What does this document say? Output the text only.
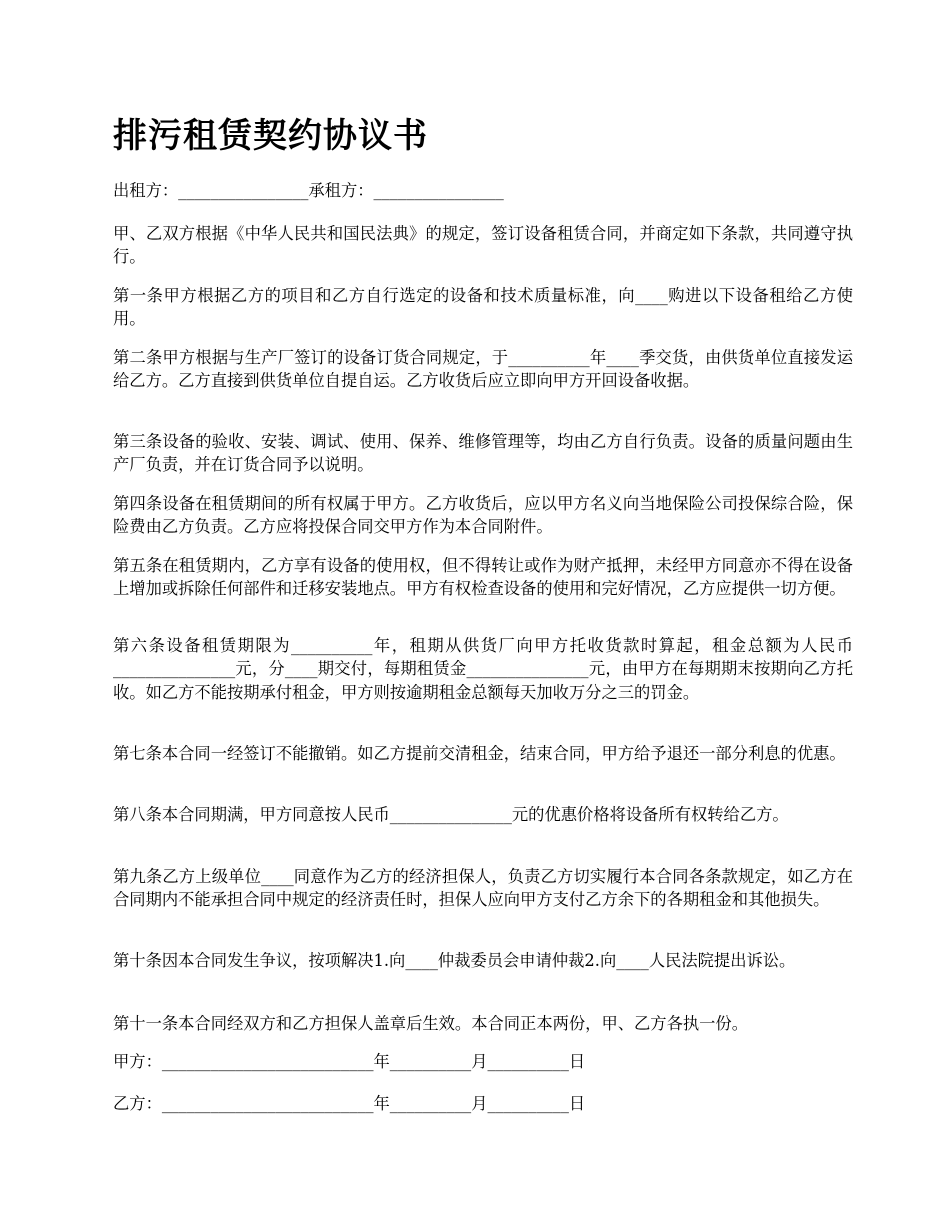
排污租赁契约协议书

出租方：________________承租方：________________

甲、乙双方根据《中华人民共和国民法典》的规定，签订设备租赁合同，并商定如下条款，共同遵守执行。

第一条甲方根据乙方的项目和乙方自行选定的设备和技术质量标准，向____购进以下设备租给乙方使用。

第二条甲方根据与生产厂签订的设备订货合同规定，于__________年____季交货，由供货单位直接发运给乙方。乙方直接到供货单位自提自运。乙方收货后应立即向甲方开回设备收据。

第三条设备的验收、安装、调试、使用、保养、维修管理等，均由乙方自行负责。设备的质量问题由生产厂负责，并在订货合同予以说明。

第四条设备在租赁期间的所有权属于甲方。乙方收货后，应以甲方名义向当地保险公司投保综合险，保险费由乙方负责。乙方应将投保合同交甲方作为本合同附件。

第五条在租赁期内，乙方享有设备的使用权，但不得转让或作为财产抵押，未经甲方同意亦不得在设备上增加或拆除任何部件和迁移安装地点。甲方有权检查设备的使用和完好情况，乙方应提供一切方便。

第六条设备租赁期限为__________年，租期从供货厂向甲方托收货款时算起，租金总额为人民币_______________元，分____期交付，每期租赁金_______________元，由甲方在每期期末按期向乙方托收。如乙方不能按期承付租金，甲方则按逾期租金总额每天加收万分之三的罚金。

第七条本合同一经签订不能撤销。如乙方提前交清租金，结束合同，甲方给予退还一部分利息的优惠。

第八条本合同期满，甲方同意按人民币_______________元的优惠价格将设备所有权转给乙方。

第九条乙方上级单位____同意作为乙方的经济担保人，负责乙方切实履行本合同各条款规定，如乙方在合同期内不能承担合同中规定的经济责任时，担保人应向甲方支付乙方余下的各期租金和其他损失。

第十条因本合同发生争议，按项解决1.向____仲裁委员会申请仲裁2.向____人民法院提出诉讼。

第十一条本合同经双方和乙方担保人盖章后生效。本合同正本两份，甲、乙方各执一份。

甲方：__________________________年__________月__________日

乙方：__________________________年__________月__________日
